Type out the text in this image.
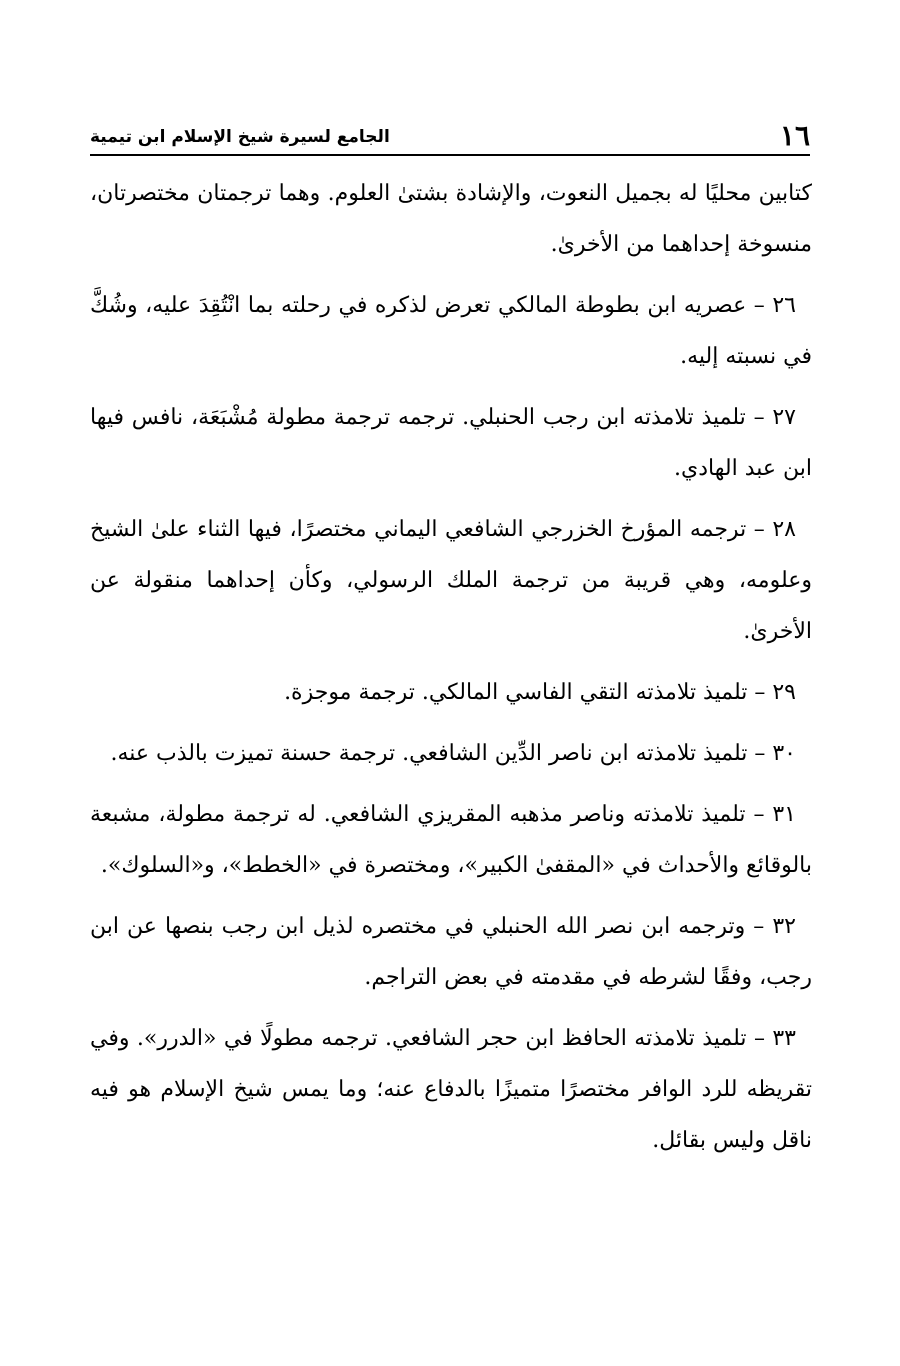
١٦
الجامع لسيرة شيخ الإسلام ابن تيمية

كتابين محليًا له بجميل النعوت، والإشادة بشتىٰ العلوم. وهما ترجمتان مختصرتان، منسوخة إحداهما من الأخرىٰ.

٢٦ – عصريه ابن بطوطة المالكي تعرض لذكره في رحلته بما انْتُقِدَ عليه، وشُكَّ في نسبته إليه.

٢٧ – تلميذ تلامذته ابن رجب الحنبلي. ترجمه ترجمة مطولة مُشْبَعَة، نافس فيها ابن عبد الهادي.

٢٨ – ترجمه المؤرخ الخزرجي الشافعي اليماني مختصرًا، فيها الثناء علىٰ الشيخ وعلومه، وهي قريبة من ترجمة الملك الرسولي، وكأن إحداهما منقولة عن الأخرىٰ.

٢٩ – تلميذ تلامذته التقي الفاسي المالكي. ترجمة موجزة.

٣٠ – تلميذ تلامذته ابن ناصر الدِّين الشافعي. ترجمة حسنة تميزت بالذب عنه.

٣١ – تلميذ تلامذته وناصر مذهبه المقريزي الشافعي. له ترجمة مطولة، مشبعة بالوقائع والأحداث في «المقفىٰ الكبير»، ومختصرة في «الخطط»، و«السلوك».

٣٢ – وترجمه ابن نصر الله الحنبلي في مختصره لذيل ابن رجب بنصها عن ابن رجب، وفقًا لشرطه في مقدمته في بعض التراجم.

٣٣ – تلميذ تلامذته الحافظ ابن حجر الشافعي. ترجمه مطولًا في «الدرر». وفي تقريظه للرد الوافر مختصرًا متميزًا بالدفاع عنه؛ وما يمس شيخ الإسلام هو فيه ناقل وليس بقائل.
